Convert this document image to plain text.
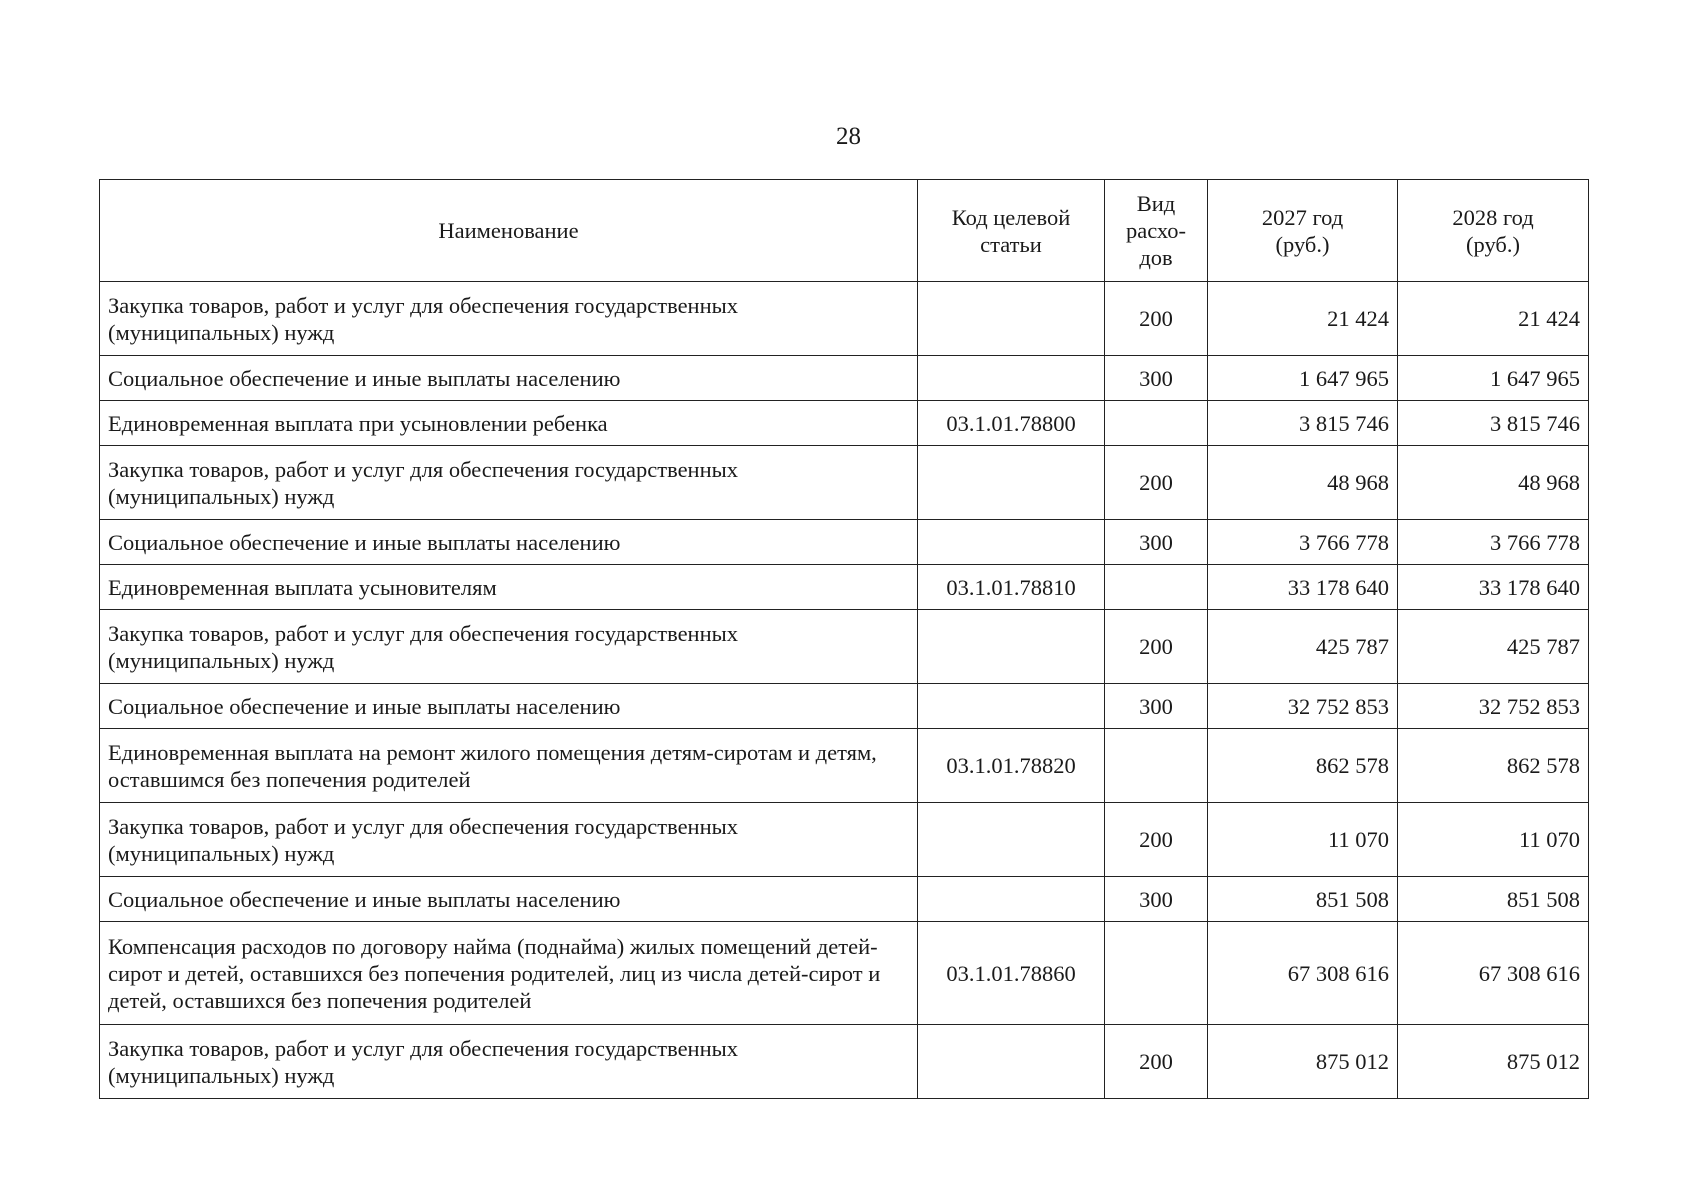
28
Наименование	Код целевой статьи	Вид расхо-дов	2027 год (руб.)	2028 год (руб.)
Закупка товаров, работ и услуг для обеспечения государственных (муниципальных) нужд		200	21 424	21 424
Социальное обеспечение и иные выплаты населению		300	1 647 965	1 647 965
Единовременная выплата при усыновлении ребенка	03.1.01.78800		3 815 746	3 815 746
Закупка товаров, работ и услуг для обеспечения государственных (муниципальных) нужд		200	48 968	48 968
Социальное обеспечение и иные выплаты населению		300	3 766 778	3 766 778
Единовременная выплата усыновителям	03.1.01.78810		33 178 640	33 178 640
Закупка товаров, работ и услуг для обеспечения государственных (муниципальных) нужд		200	425 787	425 787
Социальное обеспечение и иные выплаты населению		300	32 752 853	32 752 853
Единовременная выплата на ремонт жилого помещения детям-сиротам и детям, оставшимся без попечения родителей	03.1.01.78820		862 578	862 578
Закупка товаров, работ и услуг для обеспечения государственных (муниципальных) нужд		200	11 070	11 070
Социальное обеспечение и иные выплаты населению		300	851 508	851 508
Компенсация расходов по договору найма (поднайма) жилых помещений детей-сирот и детей, оставшихся без попечения родителей, лиц из числа детей-сирот и детей, оставшихся без попечения родителей	03.1.01.78860		67 308 616	67 308 616
Закупка товаров, работ и услуг для обеспечения государственных (муниципальных) нужд		200	875 012	875 012
